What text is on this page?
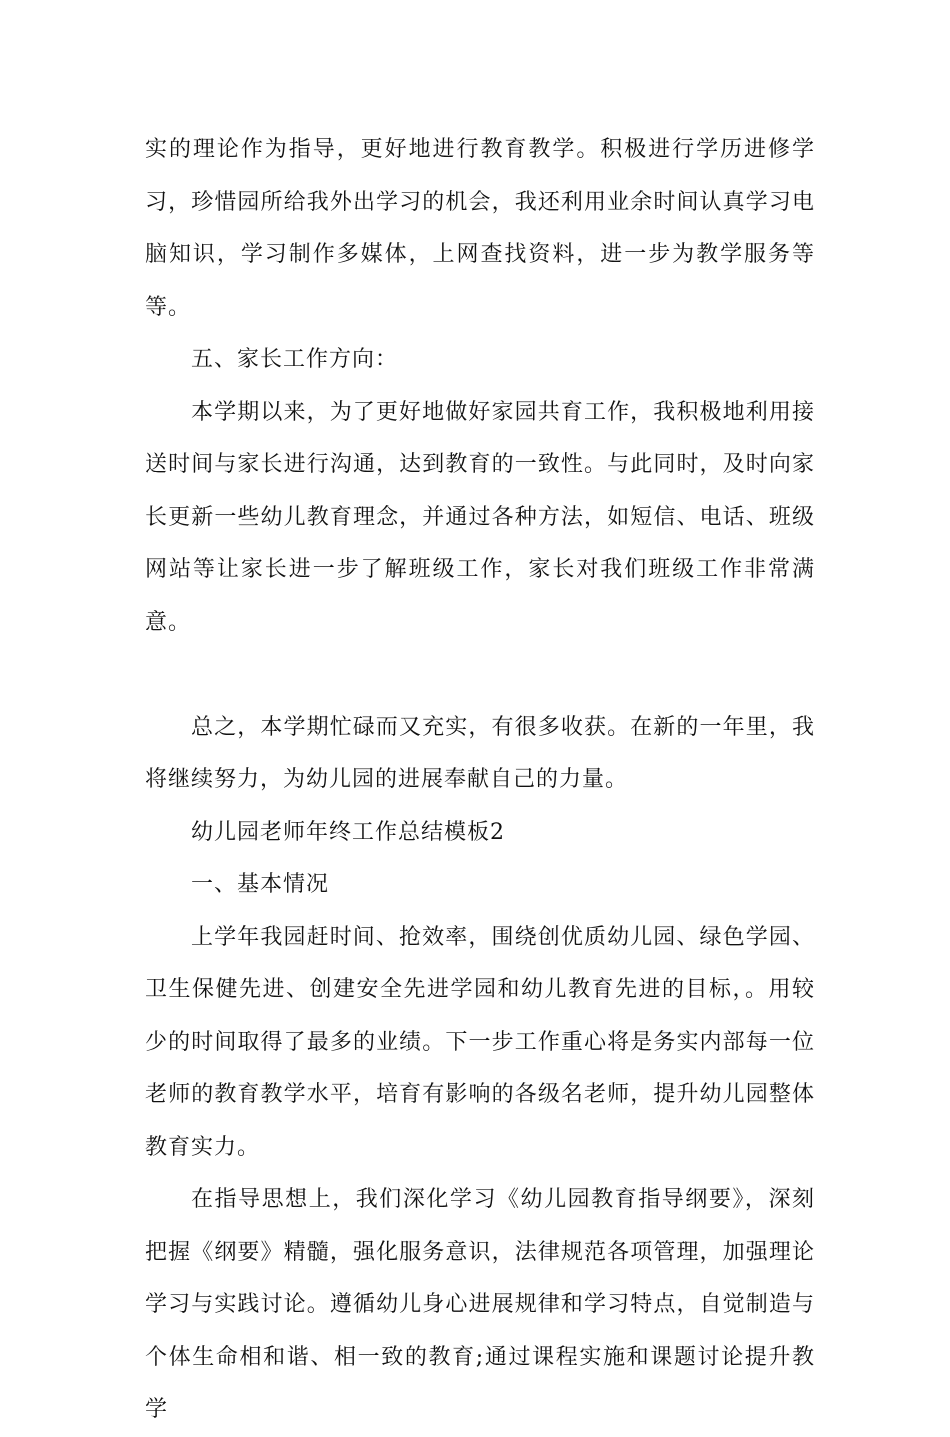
实的理论作为指导，更好地进行教育教学。积极进行学历进修学习，珍惜园所给我外出学习的机会，我还利用业余时间认真学习电脑知识，学习制作多媒体，上网查找资料，进一步为教学服务等等。

五、家长工作方向：

本学期以来，为了更好地做好家园共育工作，我积极地利用接送时间与家长进行沟通，达到教育的一致性。与此同时，及时向家长更新一些幼儿教育理念，并通过各种方法，如短信、电话、班级网站等让家长进一步了解班级工作，家长对我们班级工作非常满意。

总之，本学期忙碌而又充实，有很多收获。在新的一年里，我将继续努力，为幼儿园的进展奉献自己的力量。

幼儿园老师年终工作总结模板2

一、基本情况

上学年我园赶时间、抢效率，围绕创优质幼儿园、绿色学园、卫生保健先进、创建安全先进学园和幼儿教育先进的目标，。用较少的时间取得了最多的业绩。下一步工作重心将是务实内部每一位老师的教育教学水平，培育有影响的各级名老师，提升幼儿园整体教育实力。

在指导思想上，我们深化学习《幼儿园教育指导纲要》，深刻把握《纲要》精髓，强化服务意识，法律规范各项管理，加强理论学习与实践讨论。遵循幼儿身心进展规律和学习特点，自觉制造与个体生命相和谐、相一致的教育;通过课程实施和课题讨论提升教学
